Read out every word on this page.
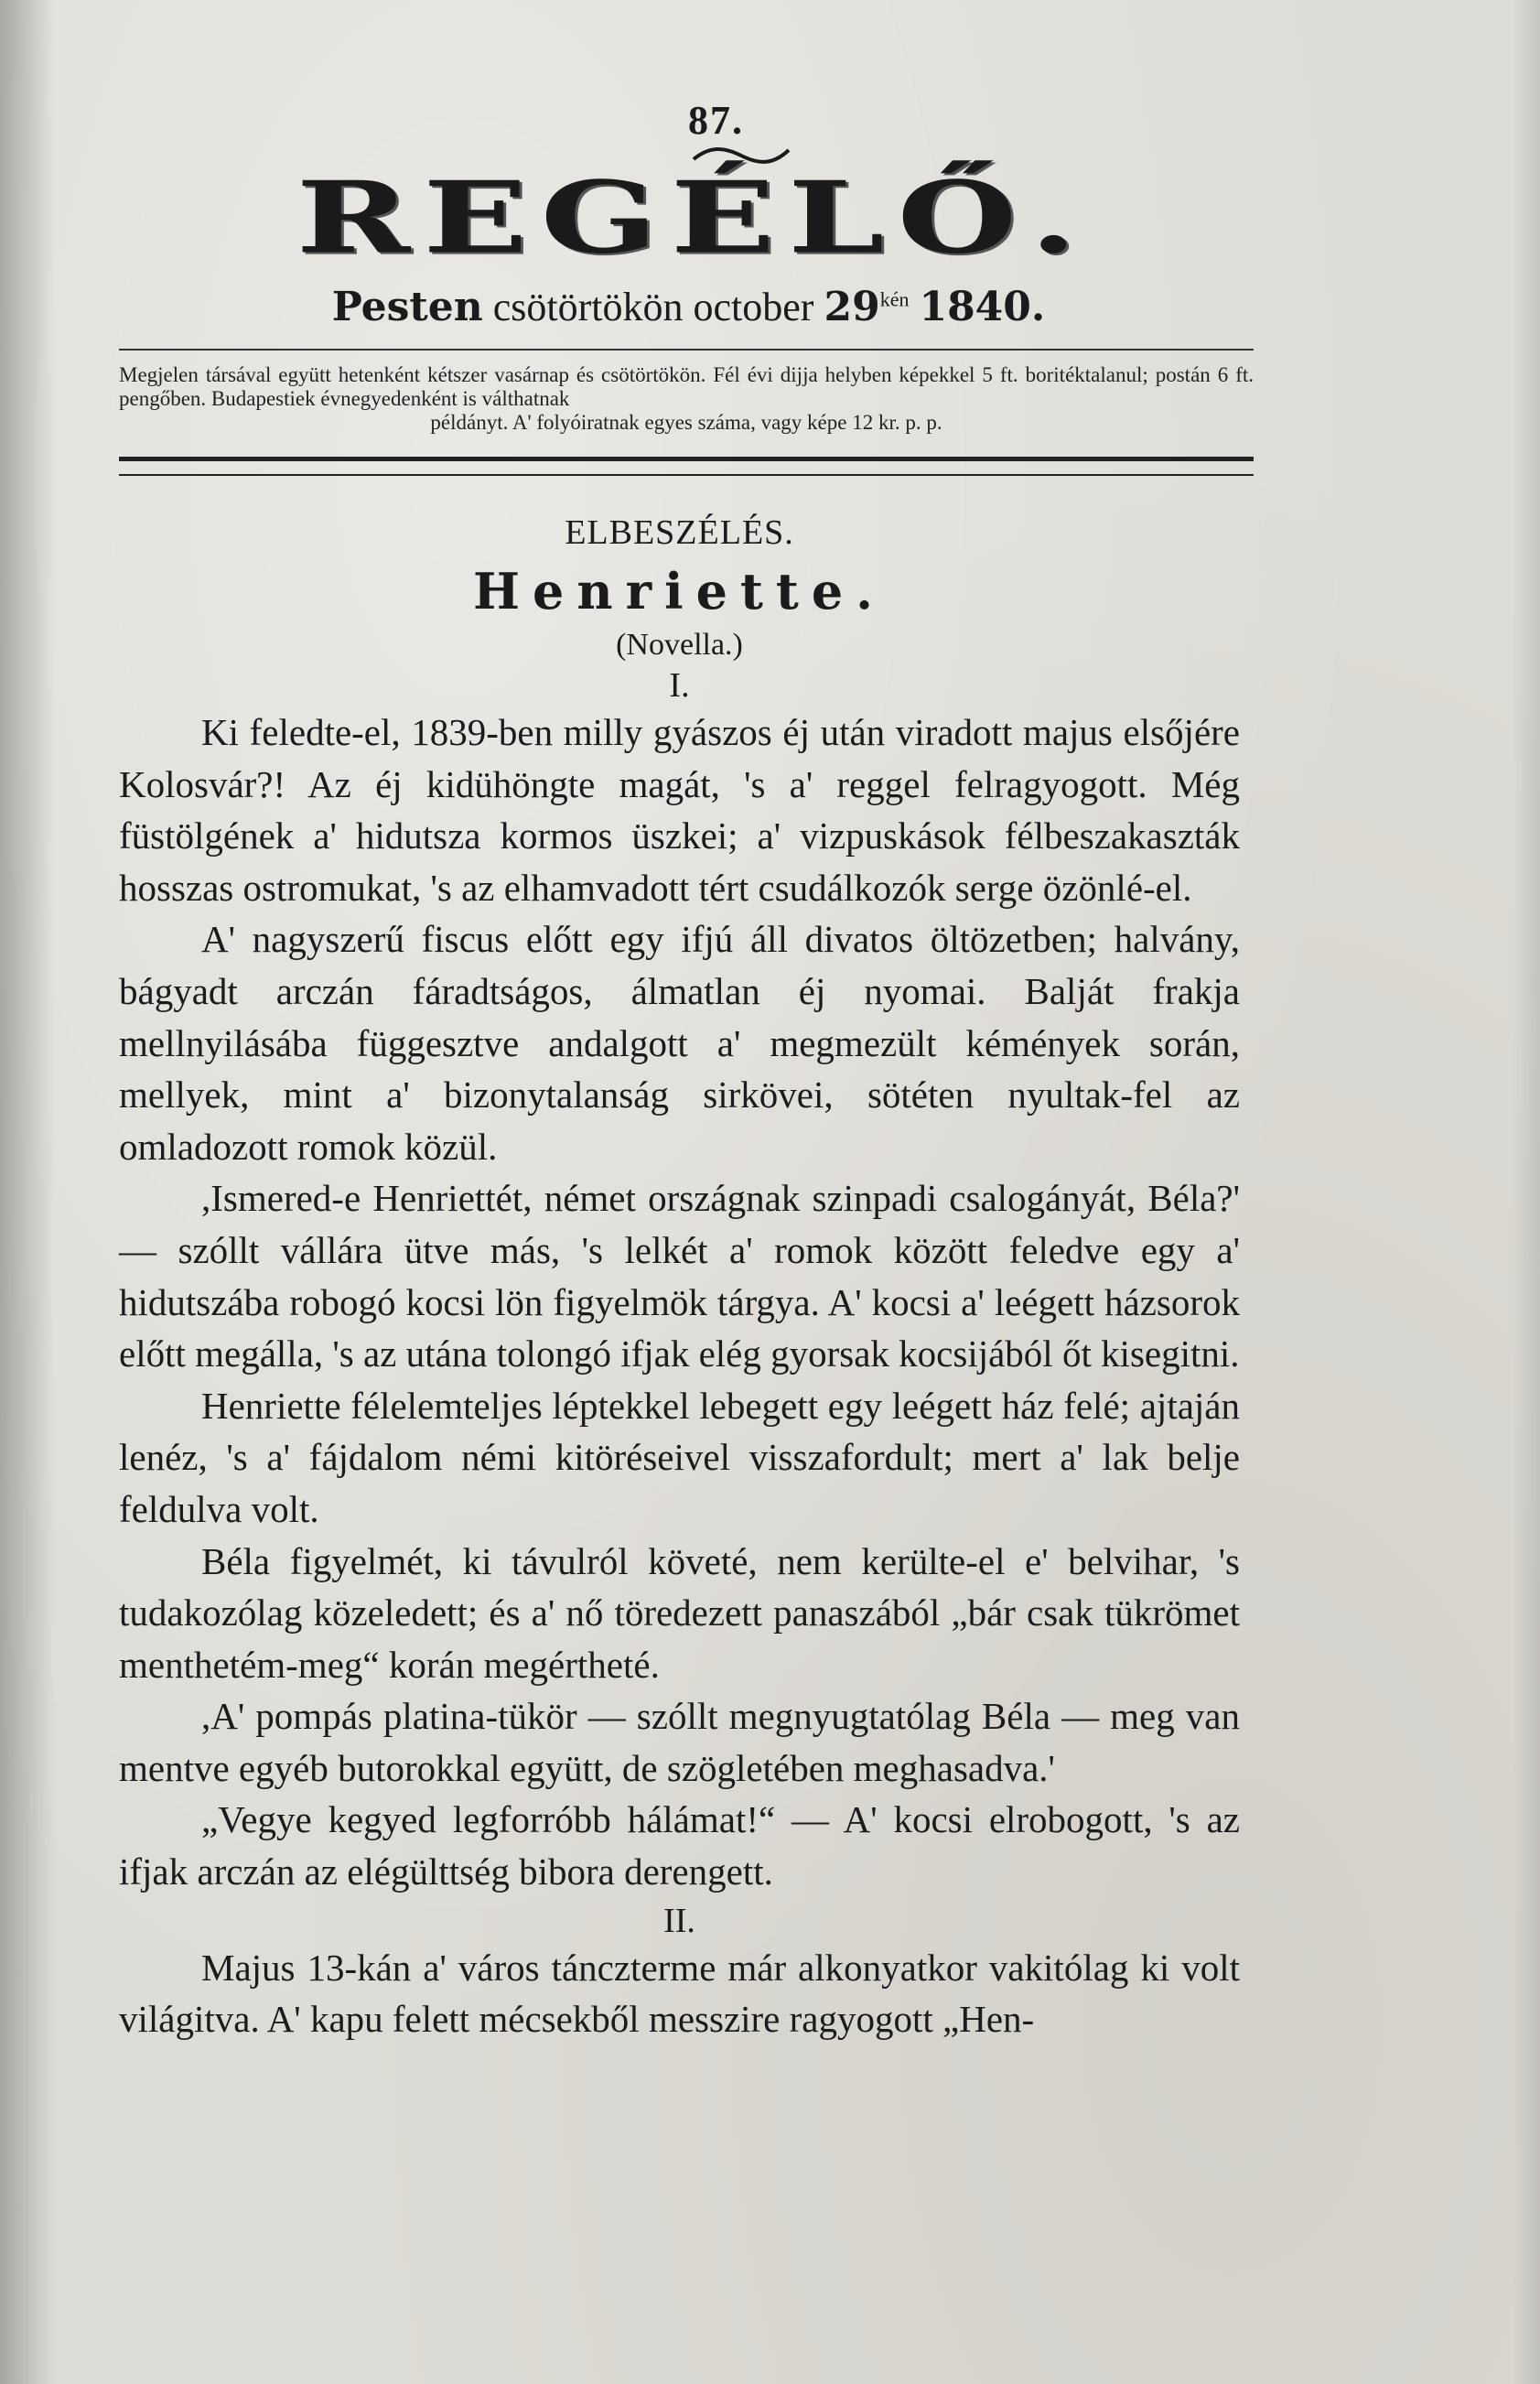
87.
REGÉLŐ.
Pesten csötörtökön october $29^{kén}$ 1840.
Megjelen társával együtt hetenként kétszer vasárnap és csötörtökön. Fél évi dijja helyben képekkel 5 ft. boritéktalanul; postán 6 ft. pengőben. Budapestiek évnegyedenként is válthatnak
példányt. A' folyóiratnak egyes száma, vagy képe 12 kr. p. p.
ELBESZÉLÉS.
Henriette.
(Novella.)
I.

Ki feledte-el, 1839-ben milly gyászos éj után viradott majus elsőjére Kolosvár?! Az éj kidühöngte magát, 's a' reggel felragyogott. Még füstölgének a' hidutsza kormos üszkei; a' vizpuskások félbeszakaszták hosszas ostromukat, 's az elhamvadott tért csudálkozók serge özönlé-el.

A' nagyszerű fiscus előtt egy ifjú áll divatos öltözetben; halvány, bágyadt arczán fáradtságos, álmatlan éj nyomai. Balját frakja mellnyilásába függesztve andalgott a' megmezült kémények során, mellyek, mint a' bizonytalanság sirkövei, sötéten nyultak-fel az omladozott romok közül.

,Ismered-e Henriettét, német országnak szinpadi csalogányát, Béla?' — szóllt vállára ütve más, 's lelkét a' romok között feledve egy a' hidutszába robogó kocsi lön figyelmök tárgya. A' kocsi a' leégett házsorok előtt megálla, 's az utána tolongó ifjak elég gyorsak kocsijából őt kisegitni.

Henriette félelemteljes léptekkel lebegett egy leégett ház felé; ajtaján lenéz, 's a' fájdalom némi kitöréseivel visszafordult; mert a' lak belje feldulva volt.

Béla figyelmét, ki távulról követé, nem kerülte-el e' belvihar, 's tudakozólag közeledett; és a' nő töredezett panaszából „bár csak tükrömet menthetém-meg“ korán megértheté.

,A' pompás platina-tükör — szóllt megnyugtatólag Béla — meg van mentve egyéb butorokkal együtt, de szögletében meghasadva.'

„Vegye kegyed legforróbb hálámat!“ — A' kocsi elrobogott, 's az ifjak arczán az elégülttség bibora derengett.

II.

Majus 13-kán a' város tánczterme már alkonyatkor vakitólag ki volt világitva. A' kapu felett mécsekből messzire ragyogott „Hen-
